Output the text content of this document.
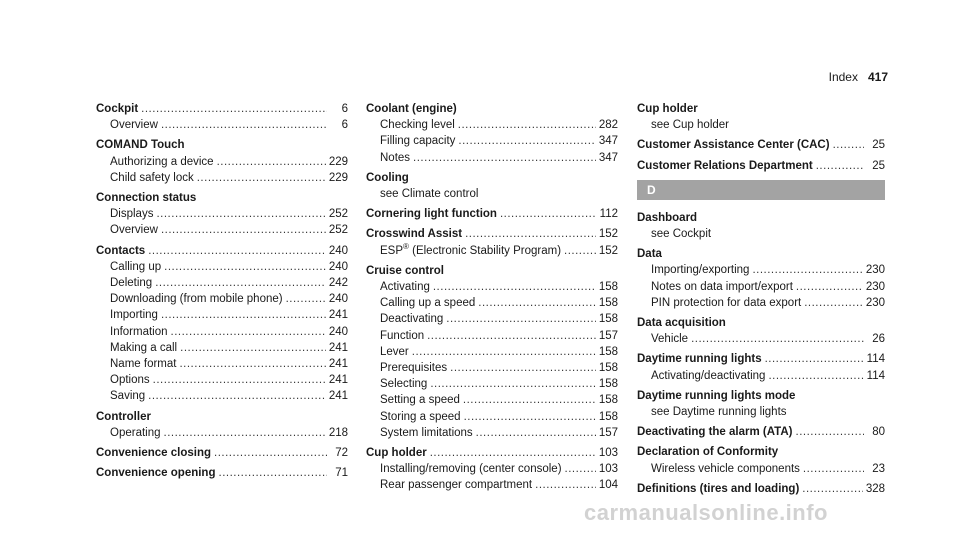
Index 417
Cockpit .....	6
Overview .....	6
COMAND Touch
Authorizing a device .....	229
Child safety lock .....	229
Connection status
Displays .....	252
Overview .....	252
Contacts .....	240
Calling up .....	240
Deleting .....	242
Downloading (from mobile phone) .....	240
Importing .....	241
Information .....	240
Making a call .....	241
Name format .....	241
Options .....	241
Saving .....	241
Controller
Operating .....	218
Convenience closing .....	72
Convenience opening .....	71
Coolant (engine)
Checking level .....	282
Filling capacity .....	347
Notes .....	347
Cooling
see Climate control
Cornering light function .....	112
Crosswind Assist .....	152
ESP® (Electronic Stability Program) .....	152
Cruise control
Activating .....	158
Calling up a speed .....	158
Deactivating .....	158
Function .....	157
Lever .....	158
Prerequisites .....	158
Selecting .....	158
Setting a speed .....	158
Storing a speed .....	158
System limitations .....	157
Cup holder .....	103
Installing/removing (center console) .....	103
Rear passenger compartment .....	104
Cup holder
see Cup holder
Customer Assistance Center (CAC) .....	25
Customer Relations Department .....	25
D
Dashboard
see Cockpit
Data
Importing/exporting .....	230
Notes on data import/export .....	230
PIN protection for data export .....	230
Data acquisition
Vehicle .....	26
Daytime running lights .....	114
Activating/deactivating .....	114
Daytime running lights mode
see Daytime running lights
Deactivating the alarm (ATA) .....	80
Declaration of Conformity
Wireless vehicle components .....	23
Definitions (tires and loading) .....	328
carmanualsonline.info
